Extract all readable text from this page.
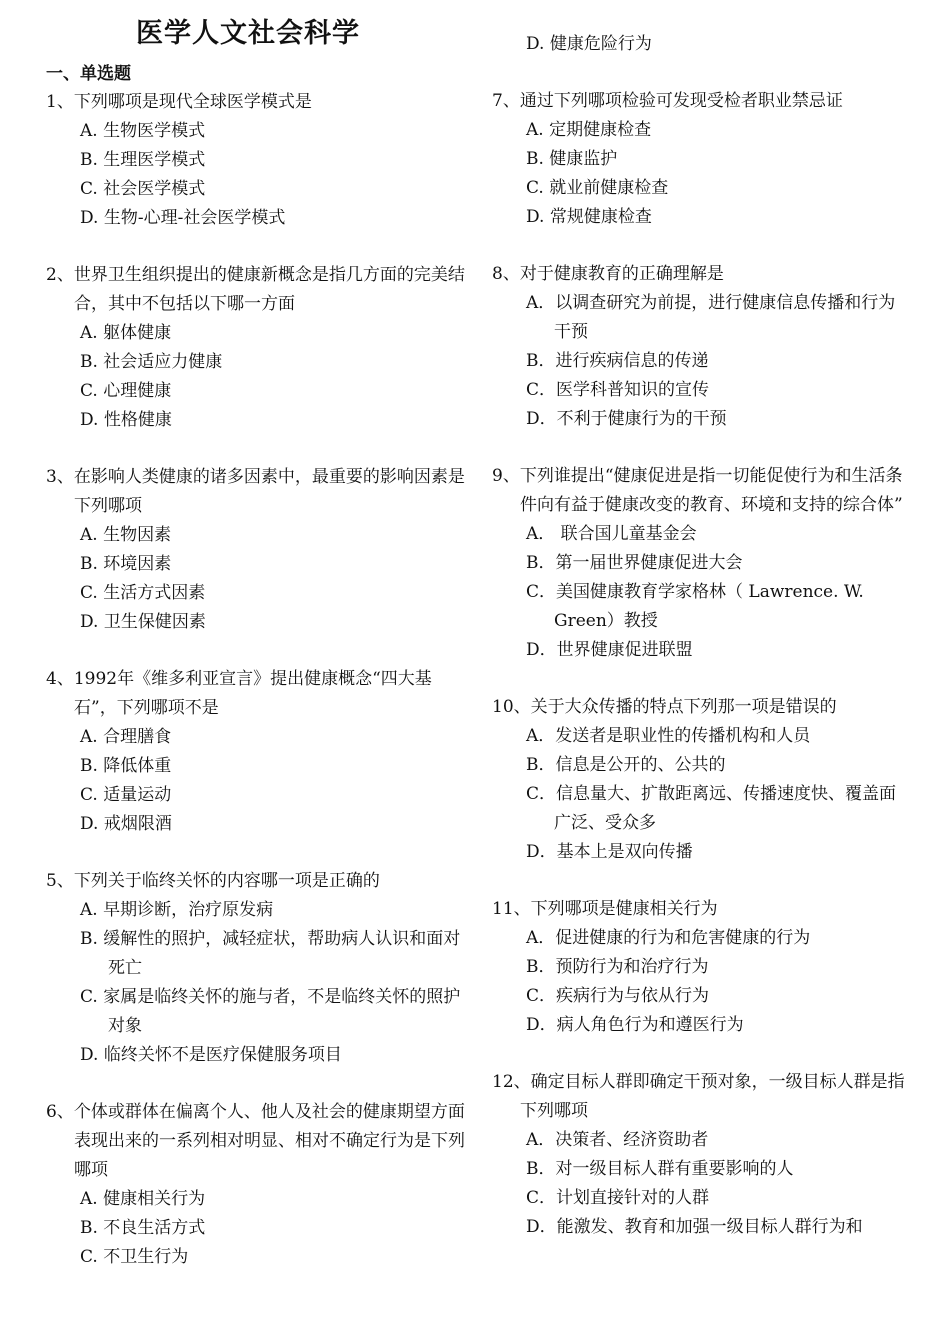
医学人文社会科学
一、单选题
1、下列哪项是现代全球医学模式是
A. 生物医学模式
B. 生理医学模式
C. 社会医学模式
D. 生物-心理-社会医学模式
2、世界卫生组织提出的健康新概念是指几方面的完美结合，其中不包括以下哪一方面
A. 躯体健康
B. 社会适应力健康
C. 心理健康
D. 性格健康
3、在影响人类健康的诸多因素中，最重要的影响因素是下列哪项
A. 生物因素
B. 环境因素
C. 生活方式因素
D. 卫生保健因素
4、1992年《维多利亚宣言》提出健康概念“四大基石”，下列哪项不是
A. 合理膳食
B. 降低体重
C. 适量运动
D. 戒烟限酒
5、下列关于临终关怀的内容哪一项是正确的
A. 早期诊断，治疗原发病
B. 缓解性的照护，减轻症状，帮助病人认识和面对死亡
C. 家属是临终关怀的施与者，不是临终关怀的照护对象
D. 临终关怀不是医疗保健服务项目
6、个体或群体在偏离个人、他人及社会的健康期望方面表现出来的一系列相对明显、相对不确定行为是下列哪项
A. 健康相关行为
B. 不良生活方式
C. 不卫生行为
D. 健康危险行为
7、通过下列哪项检验可发现受检者职业禁忌证
A. 定期健康检查
B. 健康监护
C. 就业前健康检查
D. 常规健康检查
8、对于健康教育的正确理解是
A．以调查研究为前提，进行健康信息传播和行为干预
B．进行疾病信息的传递
C．医学科普知识的宣传
D．不利于健康行为的干预
9、下列谁提出“健康促进是指一切能促使行为和生活条件向有益于健康改变的教育、环境和支持的综合体”
A． 联合国儿童基金会
B．第一届世界健康促进大会
C．美国健康教育学家格林（ Lawrence. W. Green）教授
D．世界健康促进联盟
10、关于大众传播的特点下列那一项是错误的
A．发送者是职业性的传播机构和人员
B．信息是公开的、公共的
C．信息量大、扩散距离远、传播速度快、覆盖面广泛、受众多
D．基本上是双向传播
11、下列哪项是健康相关行为
A．促进健康的行为和危害健康的行为
B．预防行为和治疗行为
C．疾病行为与依从行为
D．病人角色行为和遵医行为
12、确定目标人群即确定干预对象，一级目标人群是指下列哪项
A．决策者、经济资助者
B．对一级目标人群有重要影响的人
C．计划直接针对的人群
D．能激发、教育和加强一级目标人群行为和
